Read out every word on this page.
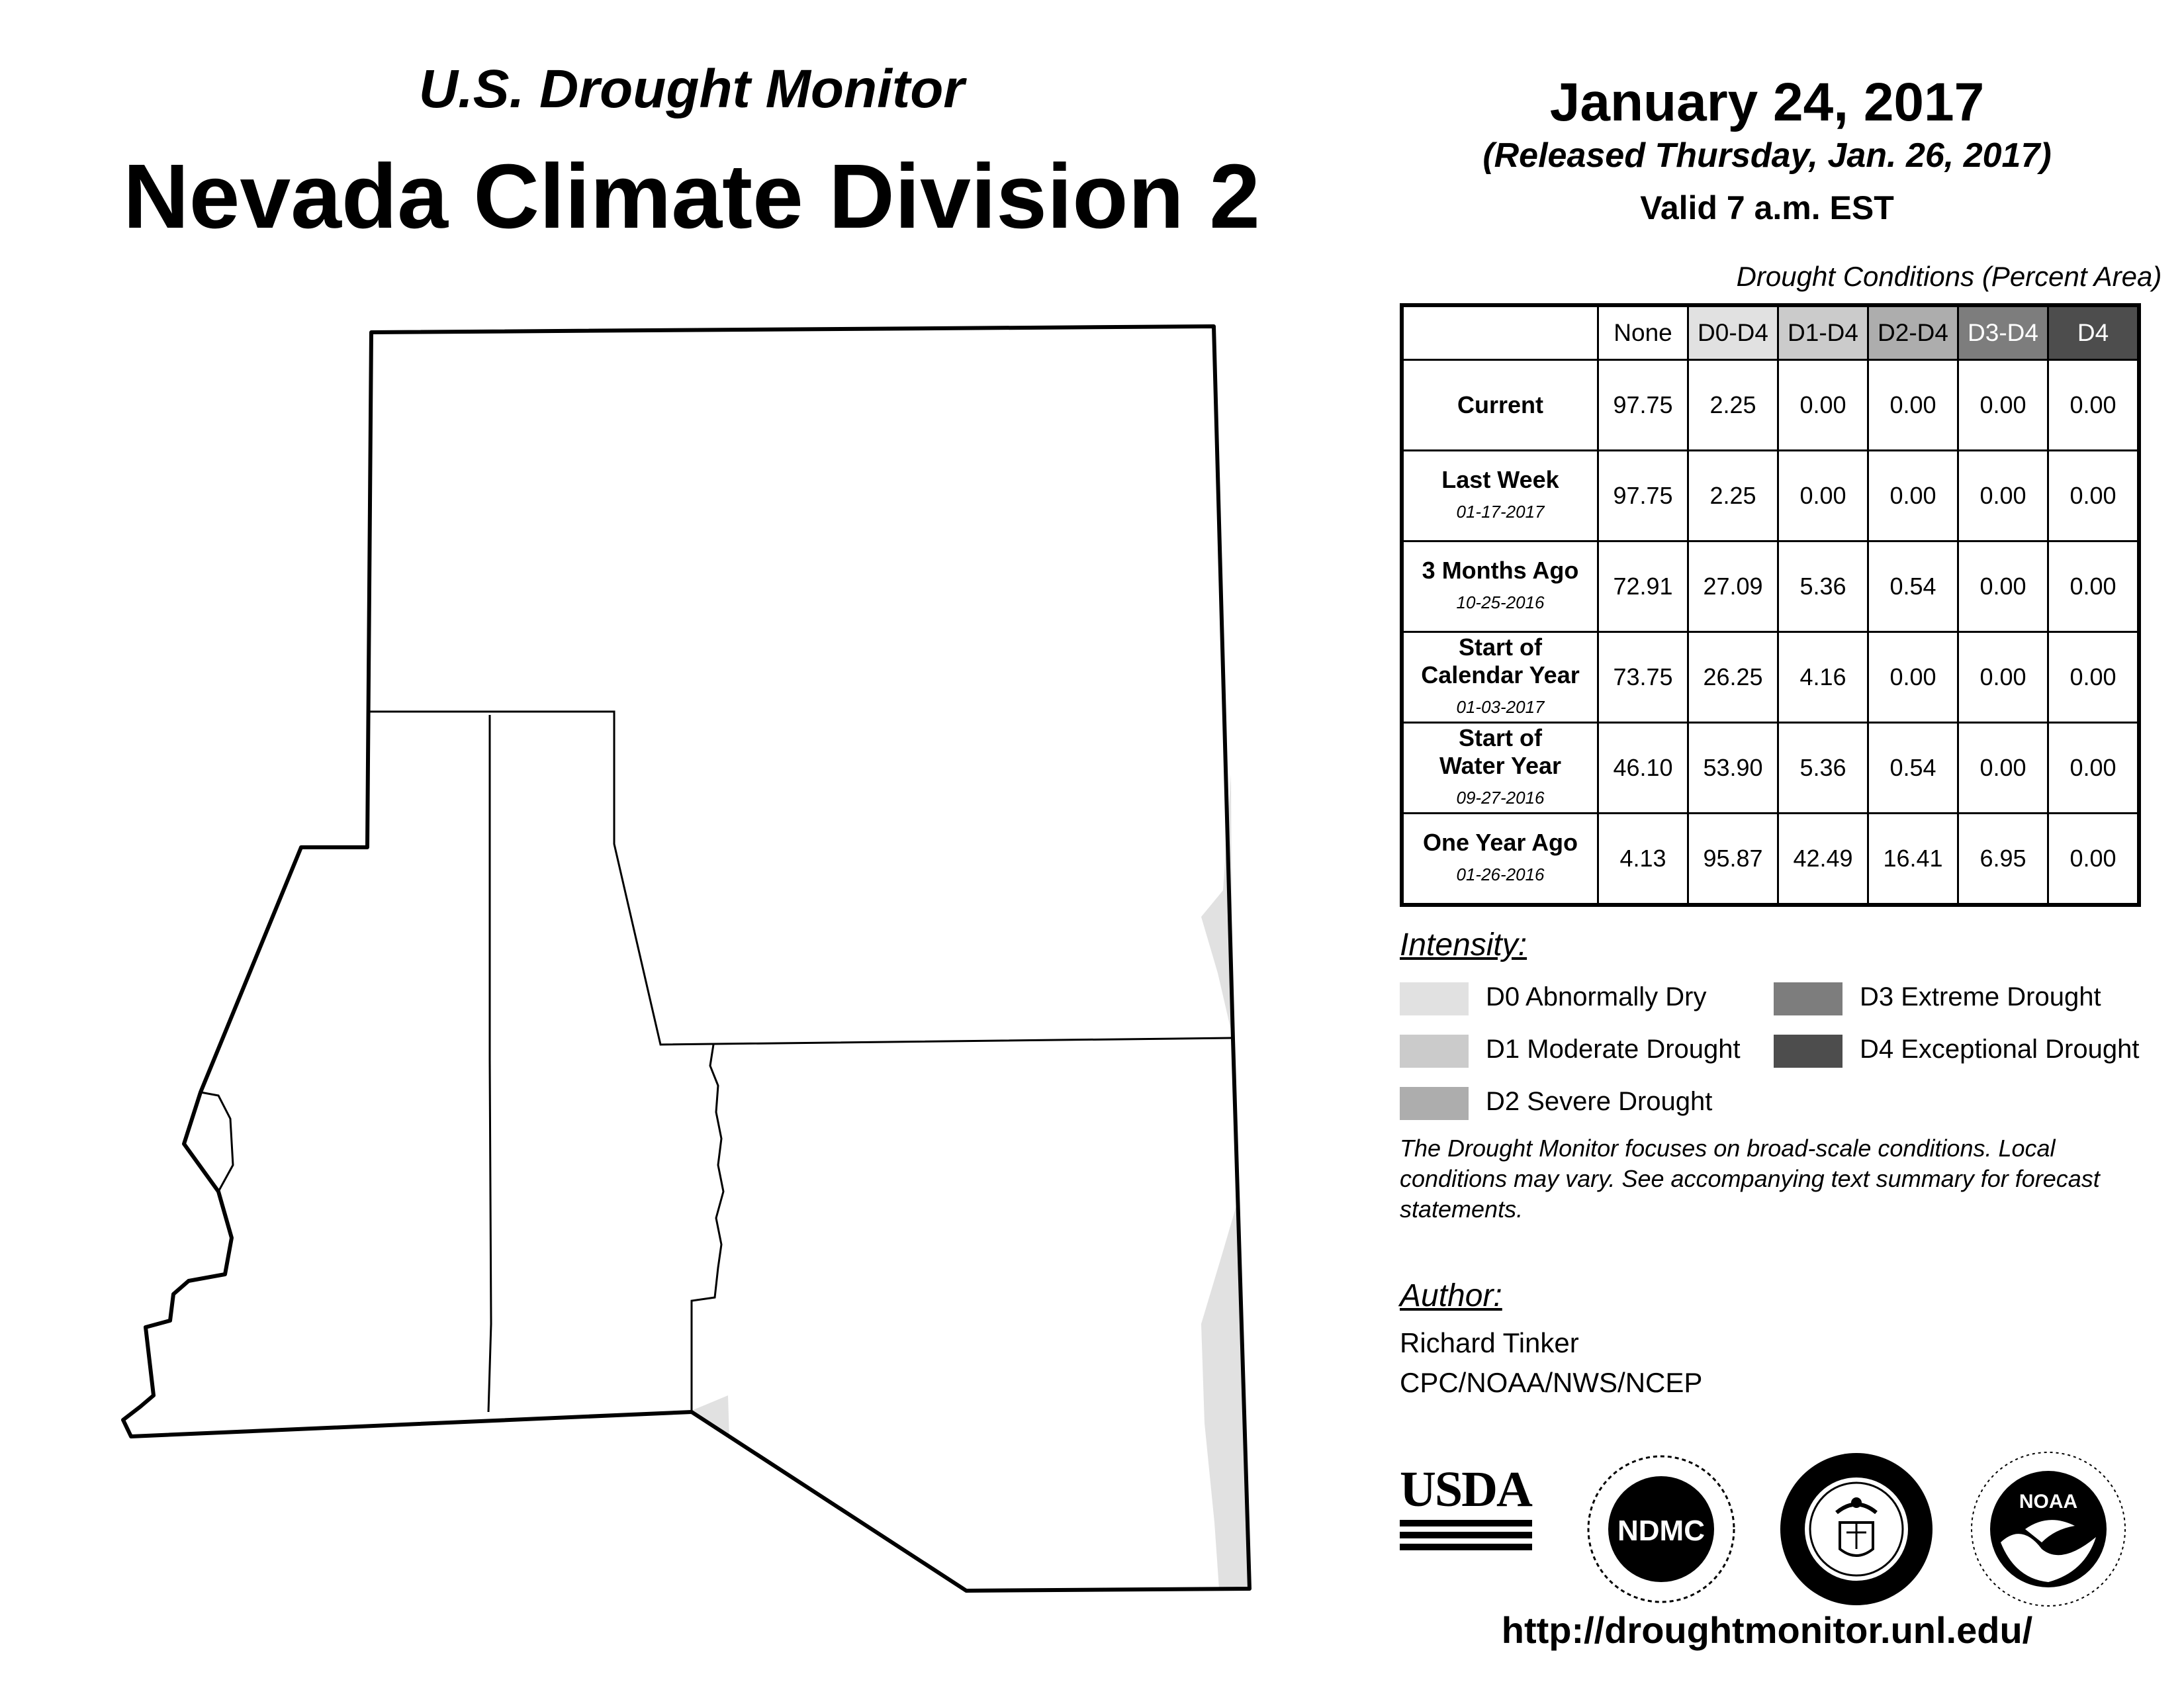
U.S. Drought Monitor
Nevada Climate Division 2
January 24, 2017
(Released Thursday, Jan. 26, 2017)
Valid 7 a.m. EST
Drought Conditions (Percent Area)
	None	D0-D4	D1-D4	D2-D4	D3-D4	D4

Current	97.75	2.25	0.00	0.00	0.00	0.00

Last Week
01-17-2017	97.75	2.25	0.00	0.00	0.00	0.00

3 Months Ago
10-25-2016	72.91	27.09	5.36	0.54	0.00	0.00

Start of
Calendar Year
01-03-2017	73.75	26.25	4.16	0.00	0.00	0.00

Start of
Water Year
09-27-2016	46.10	53.90	5.36	0.54	0.00	0.00

One Year Ago
01-26-2016	4.13	95.87	42.49	16.41	6.95	0.00
Intensity:
D0 Abnormally Dry
D1 Moderate Drought
D2 Severe Drought
D3 Extreme Drought
D4 Exceptional Drought
The Drought Monitor focuses on broad-scale conditions. Local conditions may vary. See accompanying text summary for forecast statements.
Author:
Richard Tinker
CPC/NOAA/NWS/NCEP
USDA
NDMC
NOAA
http://droughtmonitor.unl.edu/
